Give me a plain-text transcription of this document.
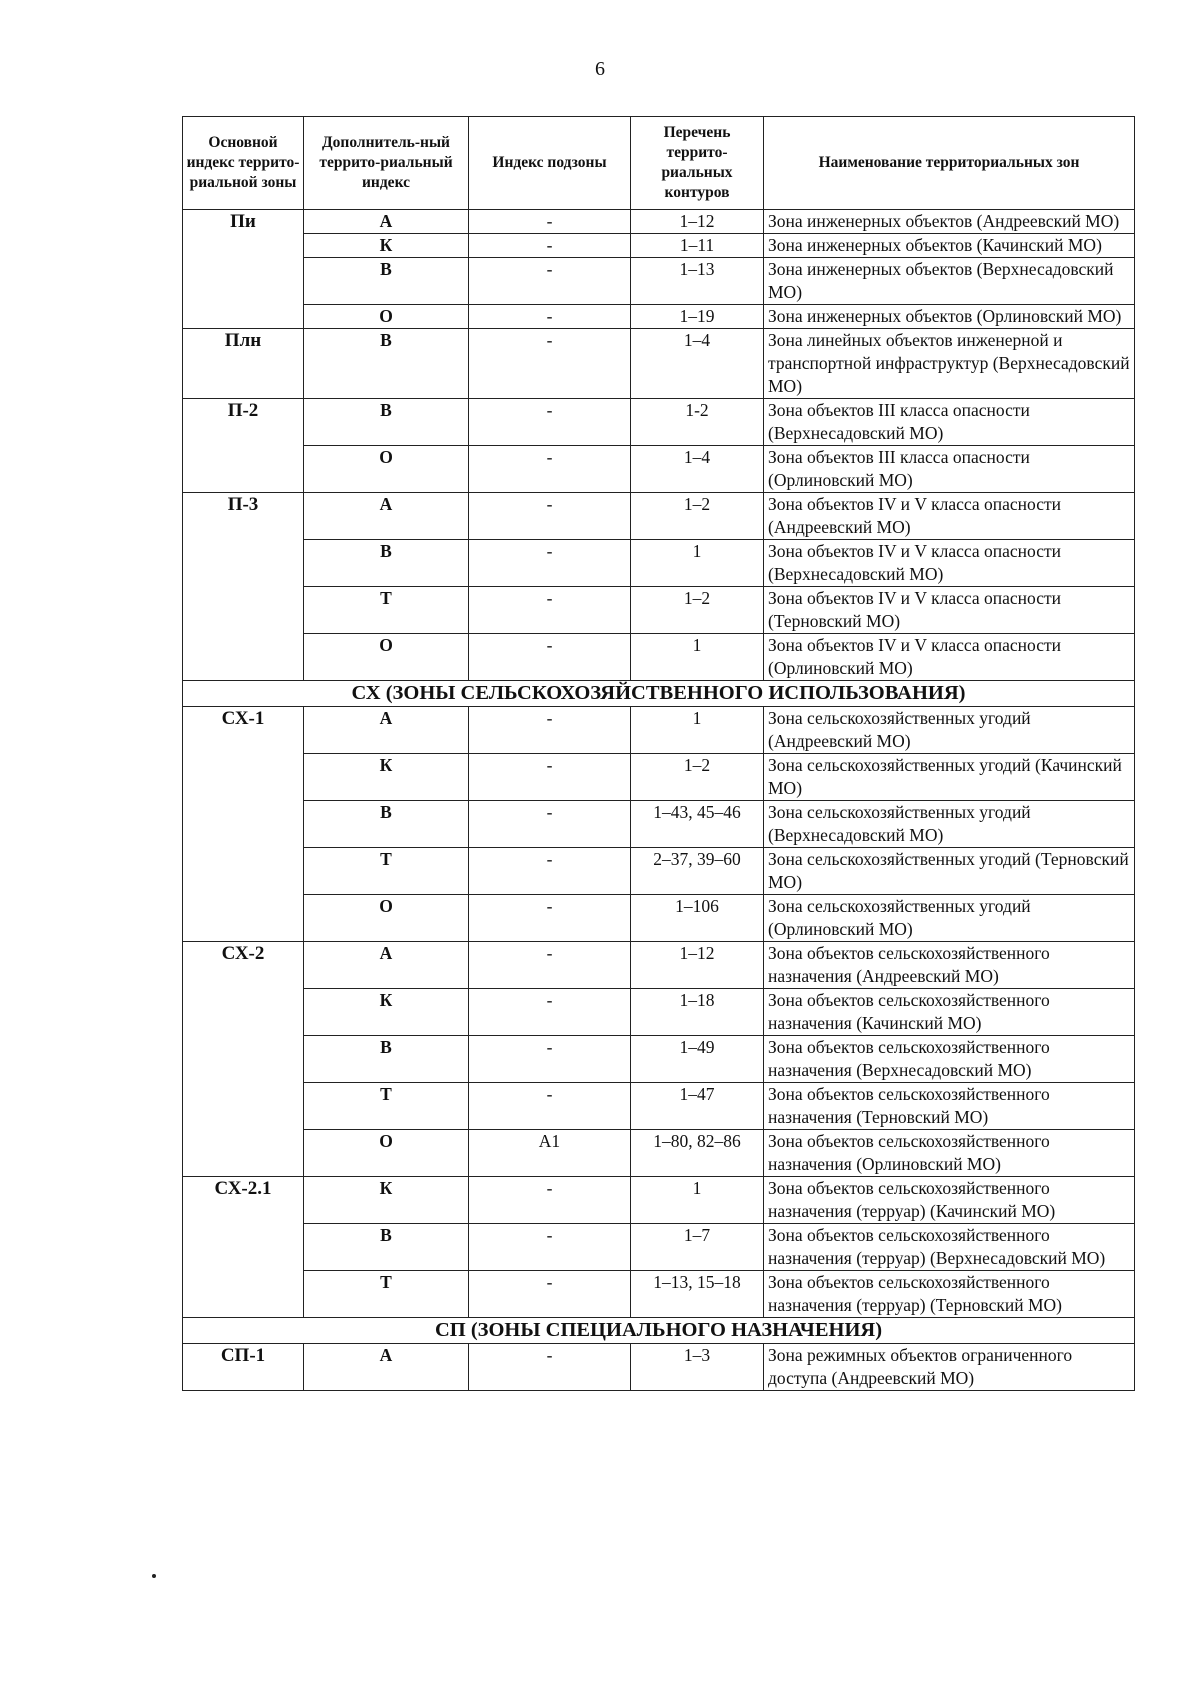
6
Основной индекс террито-риальной зоны	Дополнитель-ный террито-риальный индекс	Индекс подзоны	Перечень террито-риальных контуров	Наименование территориальных зон
Пи	А	-	1–12	Зона инженерных объектов (Андреевский МО)
	К	-	1–11	Зона инженерных объектов (Качинский МО)
	В	-	1–13	Зона инженерных объектов (Верхнесадовский МО)
	О	-	1–19	Зона инженерных объектов (Орлиновский МО)
Плн	В	-	1–4	Зона линейных объектов инженерной и транспортной инфраструктур (Верхнесадовский МО)
П-2	В	-	1-2	Зона объектов III класса опасности (Верхнесадовский МО)
	О	-	1–4	Зона объектов III класса опасности (Орлиновский МО)
П-3	А	-	1–2	Зона объектов IV и V класса опасности (Андреевский МО)
	В	-	1	Зона объектов IV и V класса опасности (Верхнесадовский МО)
	Т	-	1–2	Зона объектов IV и V класса опасности (Терновский МО)
	О	-	1	Зона объектов IV и V класса опасности (Орлиновский МО)
СХ (ЗОНЫ СЕЛЬСКОХОЗЯЙСТВЕННОГО ИСПОЛЬЗОВАНИЯ)				
СХ-1	А	-	1	Зона сельскохозяйственных угодий (Андреевский МО)
	К	-	1–2	Зона сельскохозяйственных угодий (Качинский МО)
	В	-	1–43, 45–46	Зона сельскохозяйственных угодий (Верхнесадовский МО)
	Т	-	2–37, 39–60	Зона сельскохозяйственных угодий (Терновский МО)
	О	-	1–106	Зона сельскохозяйственных угодий (Орлиновский МО)
СХ-2	А	-	1–12	Зона объектов сельскохозяйственного назначения (Андреевский МО)
	К	-	1–18	Зона объектов сельскохозяйственного назначения (Качинский МО)
	В	-	1–49	Зона объектов сельскохозяйственного назначения (Верхнесадовский МО)
	Т	-	1–47	Зона объектов сельскохозяйственного назначения (Терновский МО)
	О	А1	1–80, 82–86	Зона объектов сельскохозяйственного назначения (Орлиновский МО)
СХ-2.1	К	-	1	Зона объектов сельскохозяйственного назначения (терруар) (Качинский МО)
	В	-	1–7	Зона объектов сельскохозяйственного назначения (терруар) (Верхнесадовский МО)
	Т	-	1–13, 15–18	Зона объектов сельскохозяйственного назначения (терруар) (Терновский МО)
СП (ЗОНЫ СПЕЦИАЛЬНОГО НАЗНАЧЕНИЯ)				
СП-1	А	-	1–3	Зона режимных объектов ограниченного доступа (Андреевский МО)
